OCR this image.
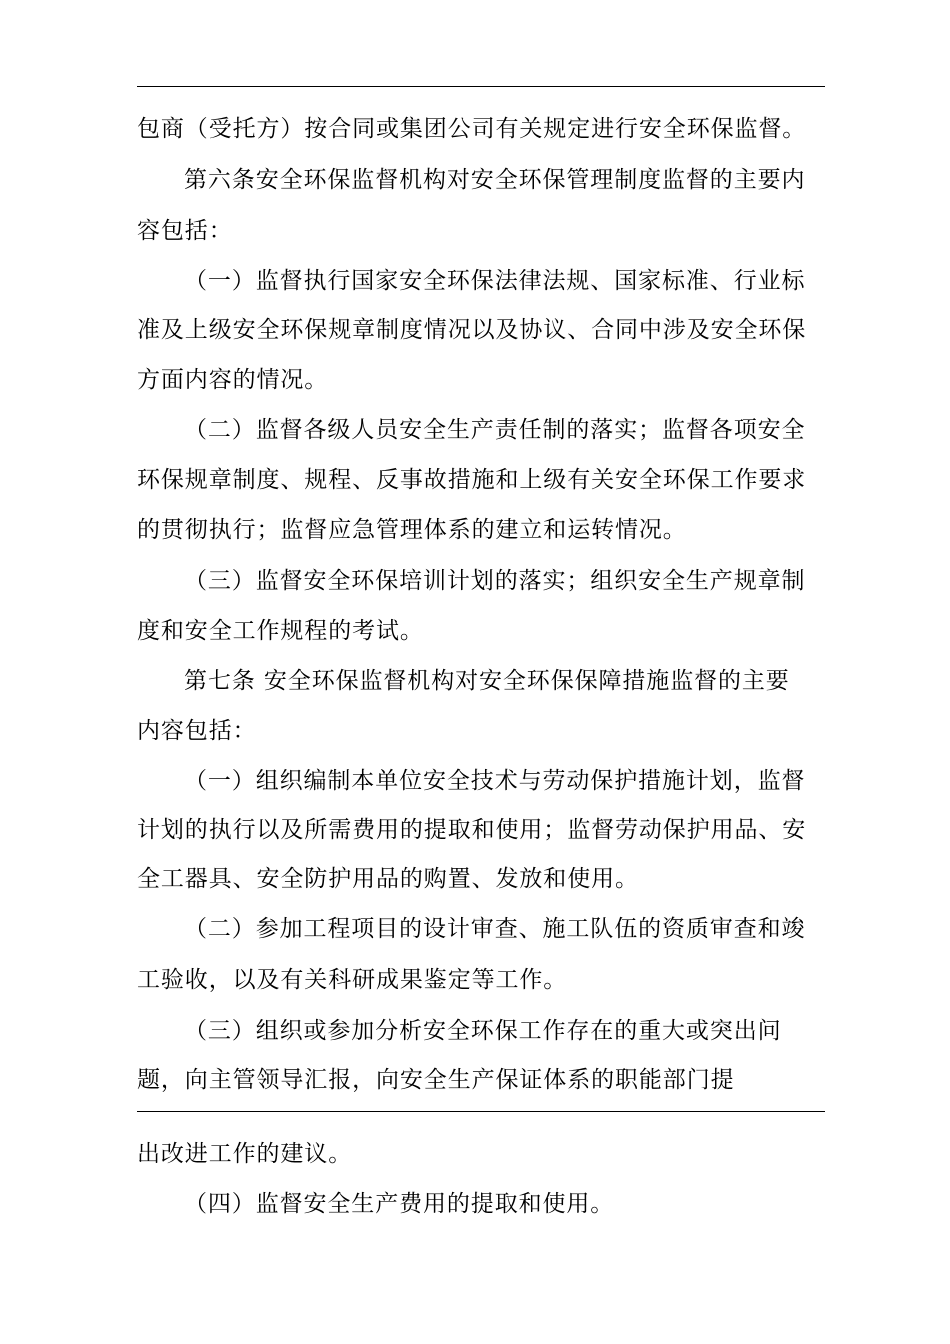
包商（受托方）按合同或集团公司有关规定进行安全环保监督。
第六条安全环保监督机构对安全环保管理制度监督的主要内
容包括：
（一）监督执行国家安全环保法律法规、国家标准、行业标
准及上级安全环保规章制度情况以及协议、合同中涉及安全环保
方面内容的情况。
（二）监督各级人员安全生产责任制的落实；监督各项安全
环保规章制度、规程、反事故措施和上级有关安全环保工作要求
的贯彻执行；监督应急管理体系的建立和运转情况。
（三）监督安全环保培训计划的落实；组织安全生产规章制
度和安全工作规程的考试。
第七条 安全环保监督机构对安全环保保障措施监督的主要
内容包括：
（一）组织编制本单位安全技术与劳动保护措施计划，监督
计划的执行以及所需费用的提取和使用；监督劳动保护用品、安
全工器具、安全防护用品的购置、发放和使用。
（二）参加工程项目的设计审查、施工队伍的资质审查和竣
工验收，以及有关科研成果鉴定等工作。
（三）组织或参加分析安全环保工作存在的重大或突出问
题，向主管领导汇报，向安全生产保证体系的职能部门提
出改进工作的建议。
（四）监督安全生产费用的提取和使用。
